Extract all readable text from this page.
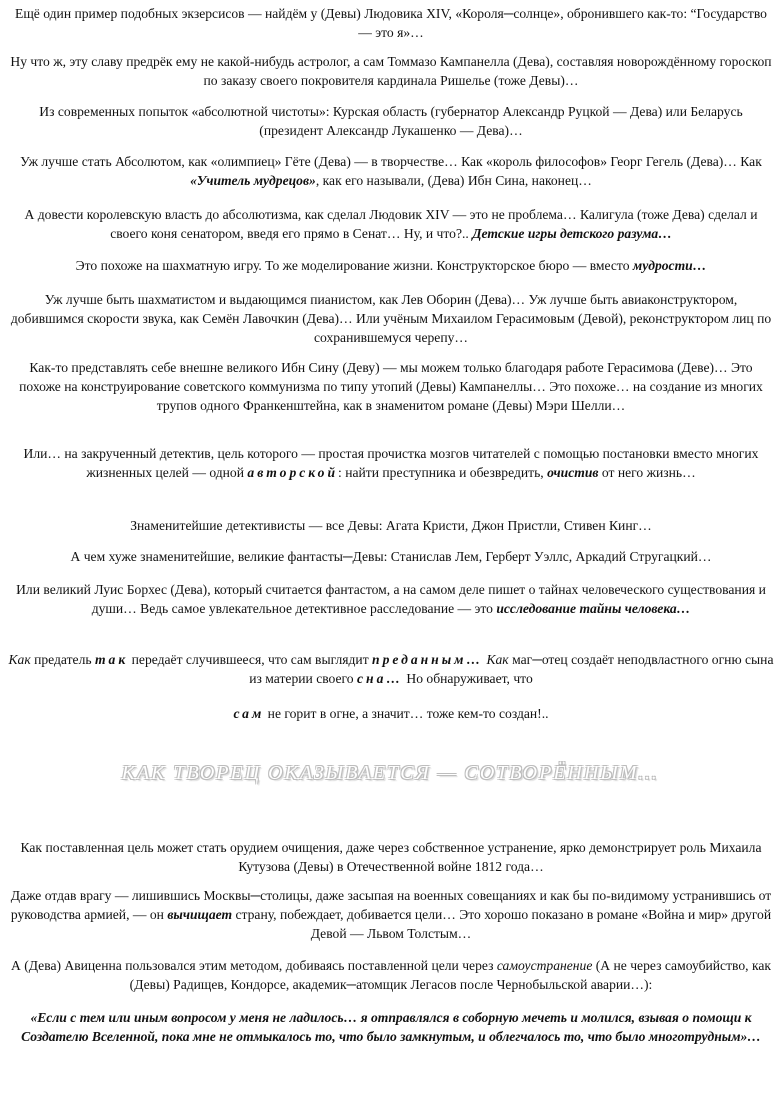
Ещё один пример подобных экзерсисов — найдём у (Девы) Людовика XIV, «Короля─солнце», обронившего как-то: “Государство — это я»…

Ну что ж, эту славу предрёк ему не какой-нибудь астролог, а сам Томмазо Кампанелла (Дева), составляя новорождённому гороскоп по заказу своего покровителя кардинала Ришелье (тоже Девы)…

Из современных попыток «абсолютной чистоты»: Курская область (губернатор Александр Руцкой — Дева) или Беларусь (президент Александр Лукашенко — Дева)…

Уж лучше стать Абсолютом, как «олимпиец» Гёте (Дева) — в творчестве… Как «король философов» Георг Гегель (Дева)… Как «Учитель мудрецов», как его называли, (Дева) Ибн Сина, наконец…

А довести королевскую власть до абсолютизма, как сделал Людовик XIV — это не проблема… Калигула (тоже Дева) сделал и своего коня сенатором, введя его прямо в Сенат… Ну, и что?.. Детские игры детского разума…

Это похоже на шахматную игру. То же моделирование жизни. Конструкторское бюро — вместо мудрости…

Уж лучше быть шахматистом и выдающимся пианистом, как Лев Оборин (Дева)… Уж лучше быть авиаконструктором, добившимся скорости звука, как Семён Лавочкин (Дева)… Или учёным Михаилом Герасимовым (Девой), реконструктором лиц по сохранившемуся черепу…

Как-то представлять себе внешне великого Ибн Сину (Деву) — мы можем только благодаря работе Герасимова (Деве)… Это похоже на конструирование советского коммунизма по типу утопий (Девы) Кампанеллы… Это похоже… на создание из многих трупов одного Франкенштейна, как в знаменитом романе (Девы) Мэри Шелли…

Или… на закрученный детектив, цель которого — простая прочистка мозгов читателей с помощью постановки вместо многих жизненных целей — одной авторской: найти преступника и обезвредить, очистив от него жизнь…

Знаменитейшие детективисты — все Девы: Агата Кристи, Джон Пристли, Стивен Кинг…

А чем хуже знаменитейшие, великие фантасты─Девы: Станислав Лем, Герберт Уэллс, Аркадий Стругацкий…

Или великий Луис Борхес (Дева), который считается фантастом, а на самом деле пишет о тайнах человеческого существования и души… Ведь самое увлекательное детективное расследование — это исследование тайны человека…

Как предатель так передаёт случившееся, что сам выглядит преданным… Как маг─отец создаёт неподвластного огню сына из материи своего сна… Но обнаруживает, что

сам не горит в огне, а значит… тоже кем-то создан!..

КАК ТВОРЕЦ ОКАЗЫВАЕТСЯ — СОТВОРЁННЫМ…

Как поставленная цель может стать орудием очищения, даже через собственное устранение, ярко демонстрирует роль Михаила Кутузова (Девы) в Отечественной войне 1812 года…

Даже отдав врагу — лишившись Москвы─столицы, даже засыпая на военных совещаниях и как бы по-видимому устранившись от руководства армией, — он вычищает страну, побеждает, добивается цели… Это хорошо показано в романе «Война и мир» другой Девой — Львом Толстым…

А (Дева) Авиценна пользовался этим методом, добиваясь поставленной цели через самоустранение (А не через самоубийство, как (Девы) Радищев, Кондорсе, академик─атомщик Легасов после Чернобыльской аварии…):

«Если с тем или иным вопросом у меня не ладилось… я отправлялся в соборную мечеть и молился, взывая о помощи к Создателю Вселенной, пока мне не отмыкалось то, что было замкнутым, и облегчалось то, что было многотрудным»…
